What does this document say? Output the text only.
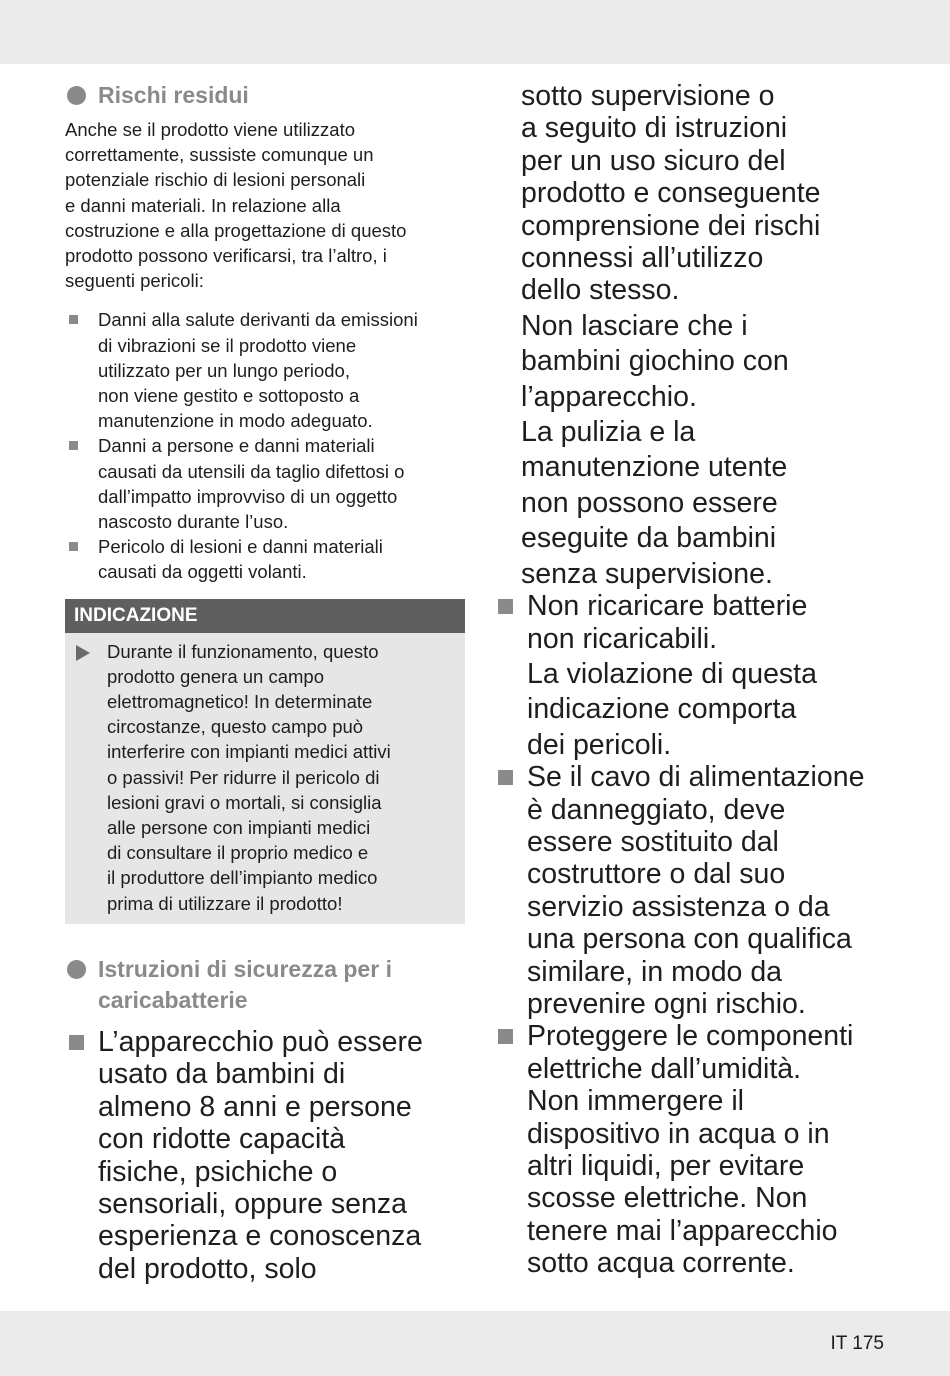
Rischi residui
Anche se il prodotto viene utilizzato
correttamente, sussiste comunque un
potenziale rischio di lesioni personali
e danni materiali. In relazione alla
costruzione e alla progettazione di questo
prodotto possono verificarsi, tra l’altro, i
seguenti pericoli:
Danni alla salute derivanti da emissioni
di vibrazioni se il prodotto viene
utilizzato per un lungo periodo,
non viene gestito e sottoposto a
manutenzione in modo adeguato.
Danni a persone e danni materiali
causati da utensili da taglio difettosi o
dall’impatto improvviso di un oggetto
nascosto durante l’uso.
Pericolo di lesioni e danni materiali
causati da oggetti volanti.
INDICAZIONE
Durante il funzionamento, questo
prodotto genera un campo
elettromagnetico! In determinate
circostanze, questo campo può
interferire con impianti medici attivi
o passivi! Per ridurre il pericolo di
lesioni gravi o mortali, si consiglia
alle persone con impianti medici
di consultare il proprio medico e
il produttore dell’impianto medico
prima di utilizzare il prodotto!
Istruzioni di sicurezza per i
caricabatterie
L’apparecchio può essere
usato da bambini di
almeno 8 anni e persone
con ridotte capacità
fisiche, psichiche o
sensoriali, oppure senza
esperienza e conoscenza
del prodotto, solo
sotto supervisione o
a seguito di istruzioni
per un uso sicuro del
prodotto e conseguente
comprensione dei rischi
connessi all’utilizzo
dello stesso.
Non lasciare che i
bambini giochino con
l’apparecchio.
La pulizia e la
manutenzione utente
non possono essere
eseguite da bambini
senza supervisione.
Non ricaricare batterie
non ricaricabili.
La violazione di questa
indicazione comporta
dei pericoli.
Se il cavo di alimentazione
è danneggiato, deve
essere sostituito dal
costruttore o dal suo
servizio assistenza o da
una persona con qualifica
similare, in modo da
prevenire ogni rischio.
Proteggere le componenti
elettriche dall’umidità.
Non immergere il
dispositivo in acqua o in
altri liquidi, per evitare
scosse elettriche. Non
tenere mai l’apparecchio
sotto acqua corrente.
IT 175
